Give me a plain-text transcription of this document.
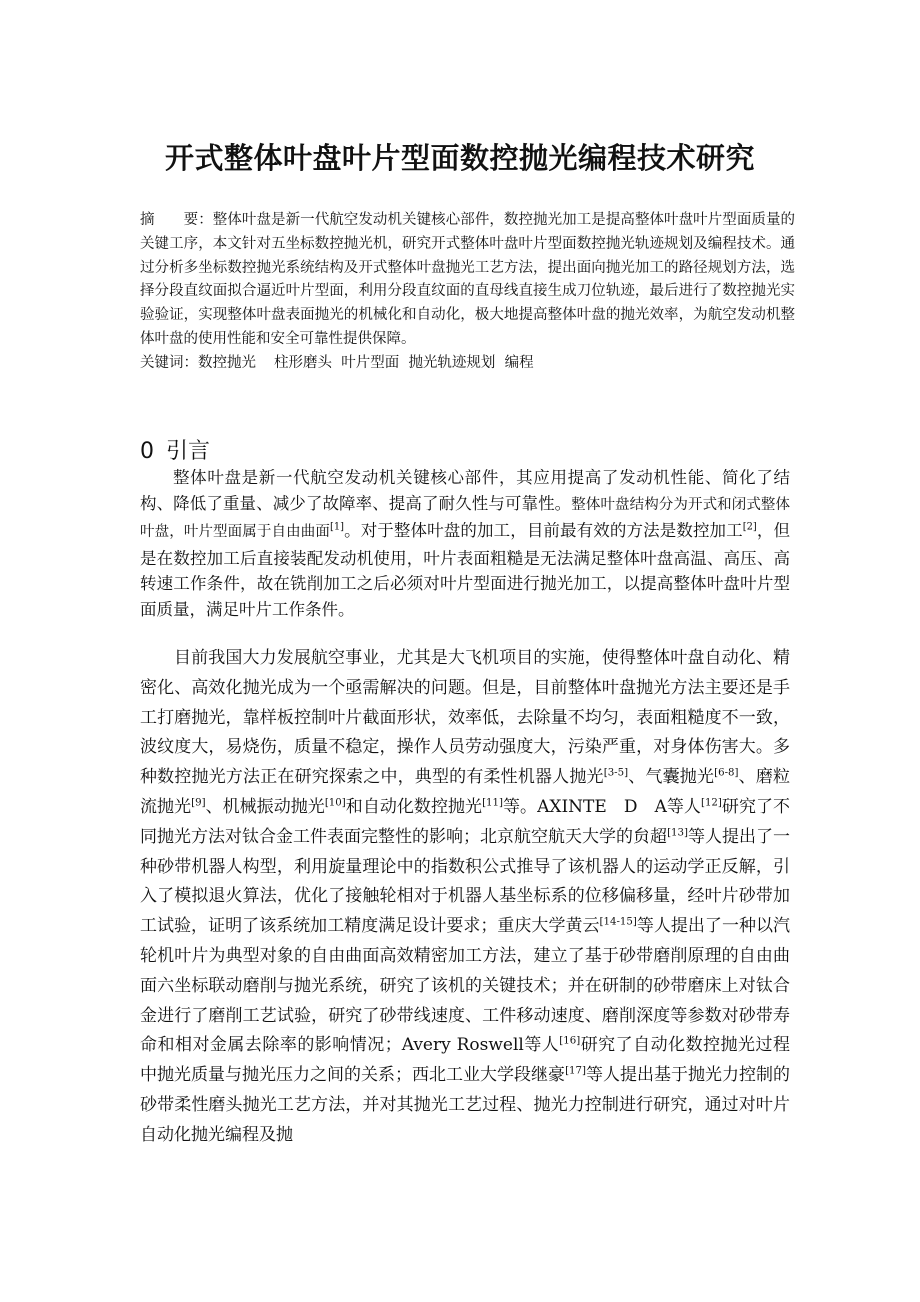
开式整体叶盘叶片型面数控抛光编程技术研究

摘　　要：整体叶盘是新一代航空发动机关键核心部件，数控抛光加工是提高整体叶盘叶片型面质量的关键工序，本文针对五坐标数控抛光机，研究开式整体叶盘叶片型面数控抛光轨迹规划及编程技术。通过分析多坐标数控抛光系统结构及开式整体叶盘抛光工艺方法，提出面向抛光加工的路径规划方法，选择分段直纹面拟合逼近叶片型面，利用分段直纹面的直母线直接生成刀位轨迹，最后进行了数控抛光实验验证，实现整体叶盘表面抛光的机械化和自动化，极大地提高整体叶盘的抛光效率，为航空发动机整体叶盘的使用性能和安全可靠性提供保障。

关键词：数控抛光 柱形磨头 叶片型面 抛光轨迹规划 编程

0 引言

整体叶盘是新一代航空发动机关键核心部件，其应用提高了发动机性能、简化了结构、降低了重量、减少了故障率、提高了耐久性与可靠性。整体叶盘结构分为开式和闭式整体叶盘，叶片型面属于自由曲面[1]。对于整体叶盘的加工，目前最有效的方法是数控加工[2]，但是在数控加工后直接装配发动机使用，叶片表面粗糙是无法满足整体叶盘高温、高压、高转速工作条件，故在铣削加工之后必须对叶片型面进行抛光加工，以提高整体叶盘叶片型面质量，满足叶片工作条件。

目前我国大力发展航空事业，尤其是大飞机项目的实施，使得整体叶盘自动化、精密化、高效化抛光成为一个亟需解决的问题。但是，目前整体叶盘抛光方法主要还是手工打磨抛光，靠样板控制叶片截面形状，效率低，去除量不均匀，表面粗糙度不一致，波纹度大，易烧伤，质量不稳定，操作人员劳动强度大，污染严重，对身体伤害大。多种数控抛光方法正在研究探索之中，典型的有柔性机器人抛光[3-5]、气囊抛光[6-8]、磨粒流抛光[9]、机械振动抛光[10]和自动化数控抛光[11]等。AXINTE　D　A等人[12]研究了不同抛光方法对钛合金工件表面完整性的影响；北京航空航天大学的贠超[13]等人提出了一种砂带机器人构型，利用旋量理论中的指数积公式推导了该机器人的运动学正反解，引入了模拟退火算法，优化了接触轮相对于机器人基坐标系的位移偏移量，经叶片砂带加工试验，证明了该系统加工精度满足设计要求；重庆大学黄云[14-15]等人提出了一种以汽轮机叶片为典型对象的自由曲面高效精密加工方法，建立了基于砂带磨削原理的自由曲面六坐标联动磨削与抛光系统，研究了该机的关键技术；并在研制的砂带磨床上对钛合金进行了磨削工艺试验，研究了砂带线速度、工件移动速度、磨削深度等参数对砂带寿命和相对金属去除率的影响情况；Avery Roswell等人[16]研究了自动化数控抛光过程中抛光质量与抛光压力之间的关系；西北工业大学段继豪[17]等人提出基于抛光力控制的砂带柔性磨头抛光工艺方法，并对其抛光工艺过程、抛光力控制进行研究，通过对叶片自动化抛光编程及抛
